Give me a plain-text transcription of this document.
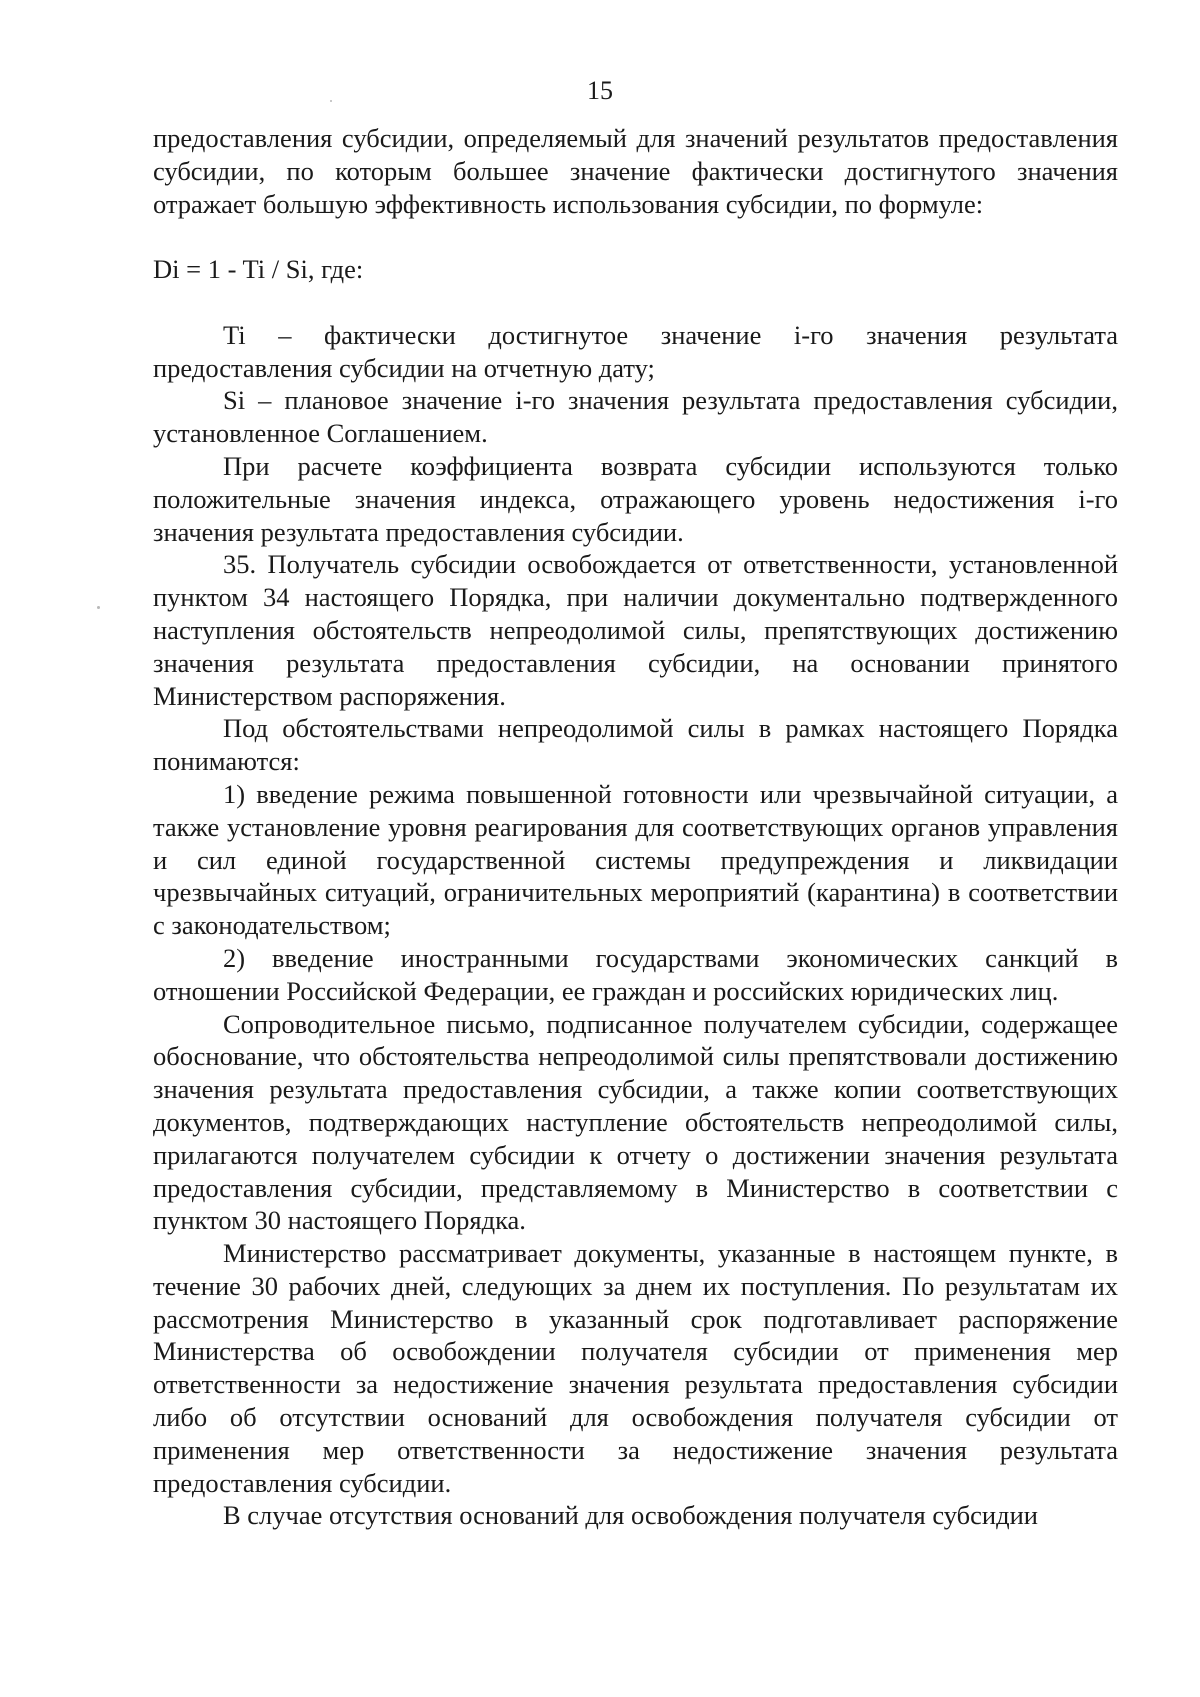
15

предоставления субсидии, определяемый для значений результатов предоставления субсидии, по которым большее значение фактически достигнутого значения отражает большую эффективность использования субсидии, по формуле:

Di = 1 - Ti / Si, где:

Ti – фактически достигнутое значение i-го значения результата предоставления субсидии на отчетную дату;

Si – плановое значение i-го значения результата предоставления субсидии, установленное Соглашением.

При расчете коэффициента возврата субсидии используются только положительные значения индекса, отражающего уровень недостижения i-го значения результата предоставления субсидии.

35. Получатель субсидии освобождается от ответственности, установленной пунктом 34 настоящего Порядка, при наличии документально подтвержденного наступления обстоятельств непреодолимой силы, препятствующих достижению значения результата предоставления субсидии, на основании принятого Министерством распоряжения.

Под обстоятельствами непреодолимой силы в рамках настоящего Порядка понимаются:

1) введение режима повышенной готовности или чрезвычайной ситуации, а также установление уровня реагирования для соответствующих органов управления и сил единой государственной системы предупреждения и ликвидации чрезвычайных ситуаций, ограничительных мероприятий (карантина) в соответствии с законодательством;

2) введение иностранными государствами экономических санкций в отношении Российской Федерации, ее граждан и российских юридических лиц.

Сопроводительное письмо, подписанное получателем субсидии, содержащее обоснование, что обстоятельства непреодолимой силы препятствовали достижению значения результата предоставления субсидии, а также копии соответствующих документов, подтверждающих наступление обстоятельств непреодолимой силы, прилагаются получателем субсидии к отчету о достижении значения результата предоставления субсидии, представляемому в Министерство в соответствии с пунктом 30 настоящего Порядка.

Министерство рассматривает документы, указанные в настоящем пункте, в течение 30 рабочих дней, следующих за днем их поступления. По результатам их рассмотрения Министерство в указанный срок подготавливает распоряжение Министерства об освобождении получателя субсидии от применения мер ответственности за недостижение значения результата предоставления субсидии либо об отсутствии оснований для освобождения получателя субсидии от применения мер ответственности за недостижение значения результата предоставления субсидии.

В случае отсутствия оснований для освобождения получателя субсидии
